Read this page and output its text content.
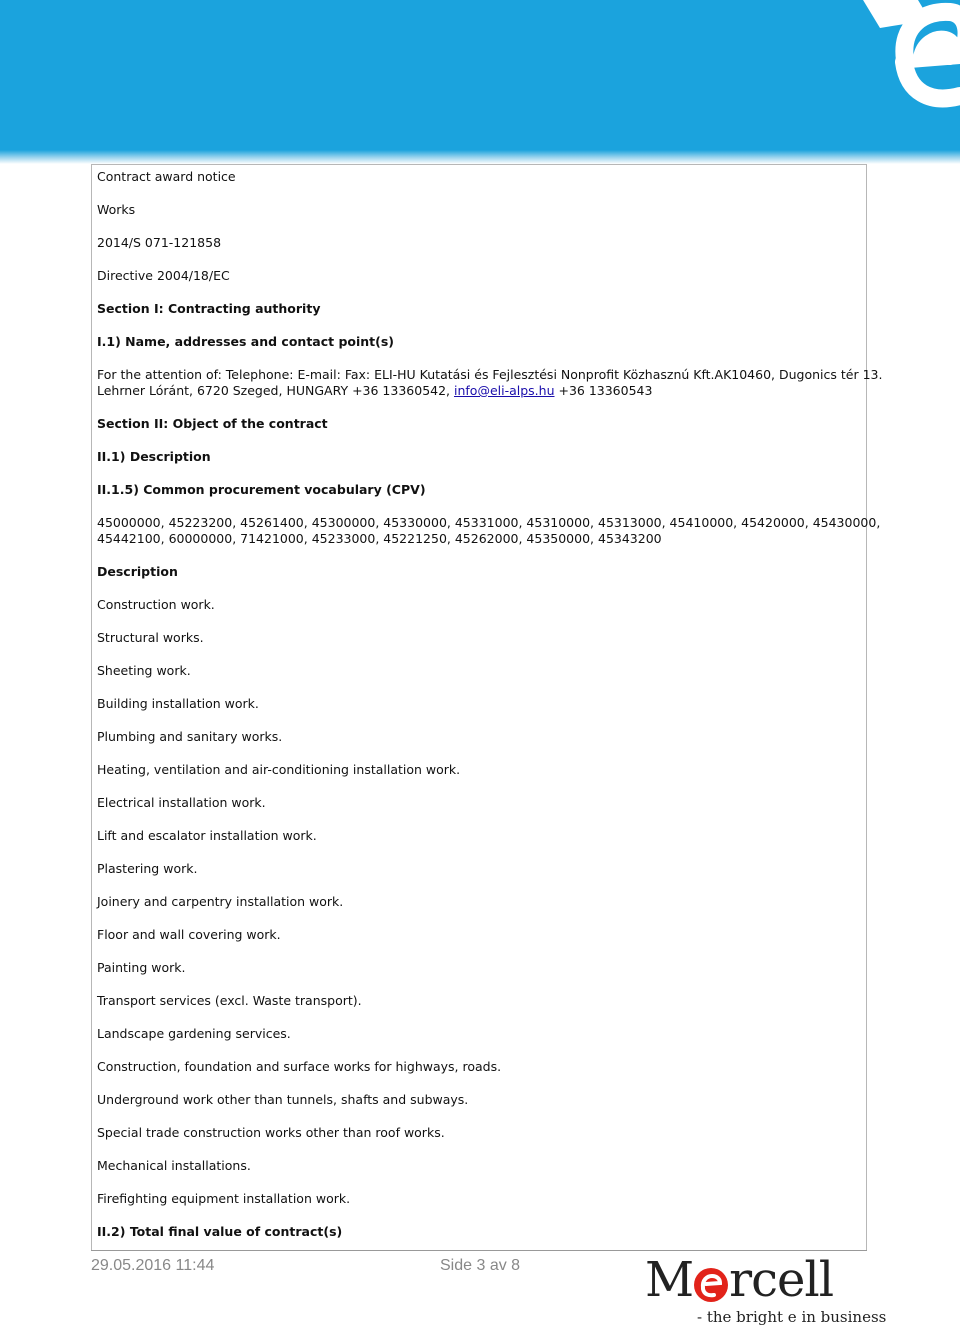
Contract award notice
Works
2014/S 071-121858
Directive 2004/18/EC
Section I: Contracting authority
I.1) Name, addresses and contact point(s)
For the attention of: Telephone: E-mail: Fax: ELI-HU Kutatási és Fejlesztési Nonprofit Közhasznú Kft.AK10460, Dugonics tér 13.
Lehrner Lóránt, 6720 Szeged, HUNGARY +36 13360542, info@eli-alps.hu +36 13360543
Section II: Object of the contract
II.1) Description
II.1.5) Common procurement vocabulary (CPV)
45000000, 45223200, 45261400, 45300000, 45330000, 45331000, 45310000, 45313000, 45410000, 45420000, 45430000,
45442100, 60000000, 71421000, 45233000, 45221250, 45262000, 45350000, 45343200
Description
Construction work.
Structural works.
Sheeting work.
Building installation work.
Plumbing and sanitary works.
Heating, ventilation and air-conditioning installation work.
Electrical installation work.
Lift and escalator installation work.
Plastering work.
Joinery and carpentry installation work.
Floor and wall covering work.
Painting work.
Transport services (excl. Waste transport).
Landscape gardening services.
Construction, foundation and surface works for highways, roads.
Underground work other than tunnels, shafts and subways.
Special trade construction works other than roof works.
Mechanical installations.
Firefighting equipment installation work.
II.2) Total final value of contract(s)
29.05.2016 11:44	Side 3 av 8	M rcell
- the bright e in business
